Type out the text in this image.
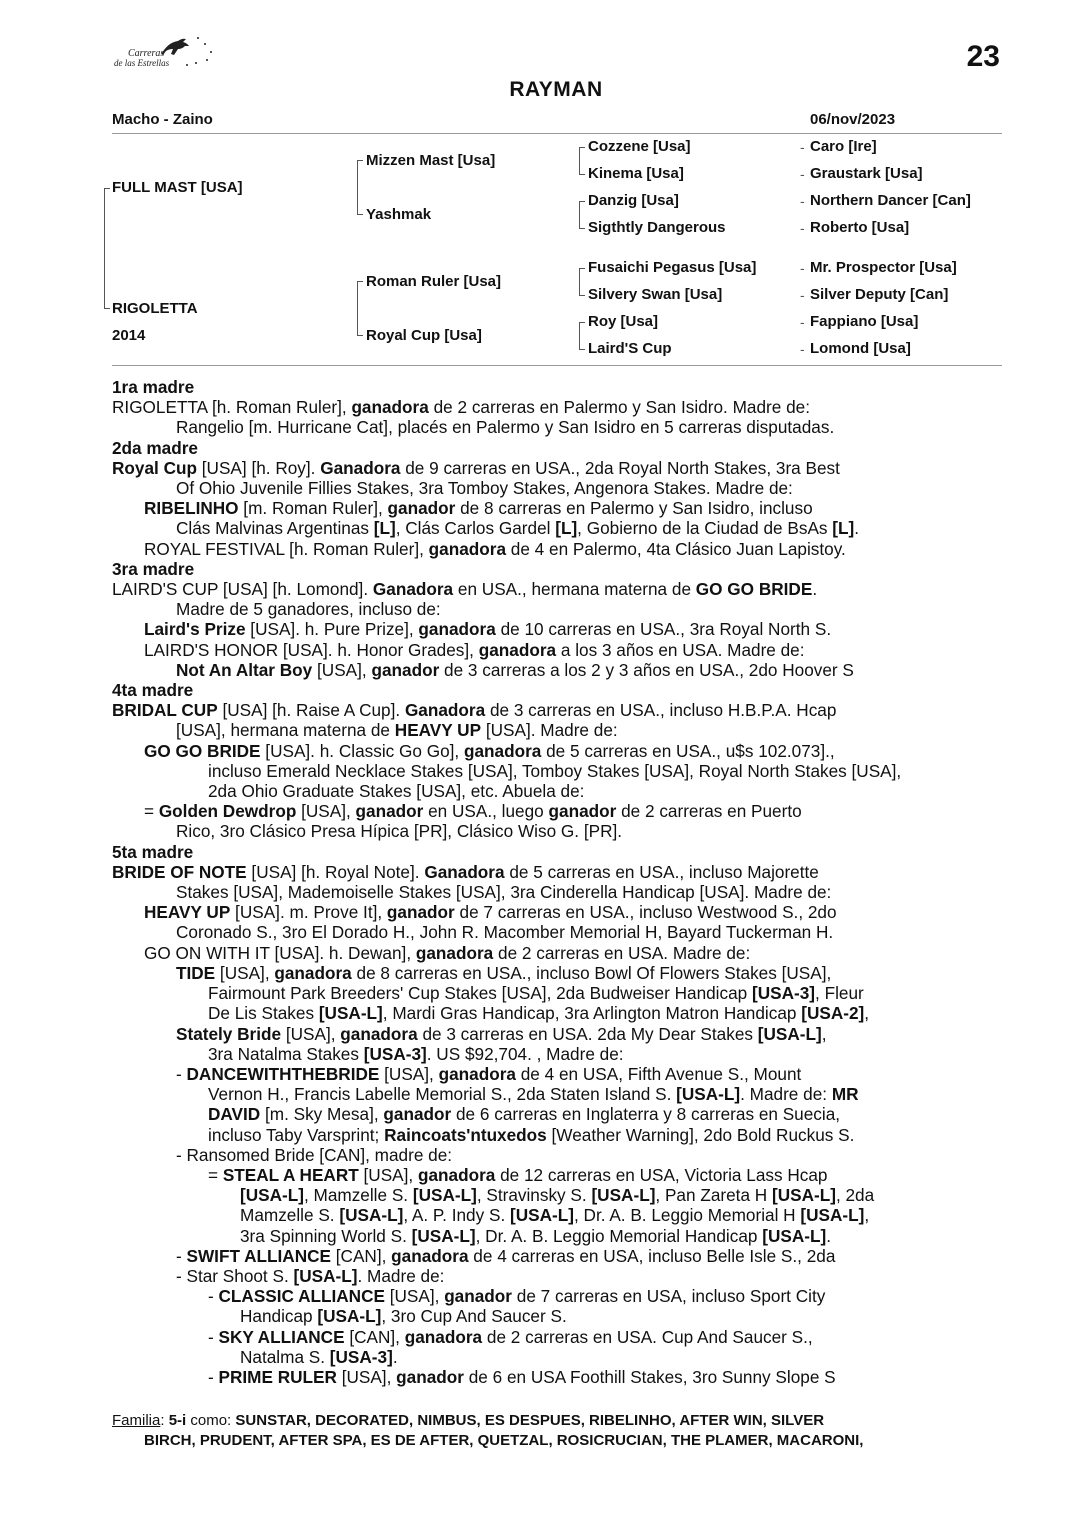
Carreras
de las Estrellas	23
RAYMAN
Macho - Zaino	06/nov/2023
FULL MAST [USA]
RIGOLETTA
2014
Mizzen Mast [Usa]
Yashmak
Roman Ruler [Usa]
Royal Cup [Usa]
Cozzene [Usa]
Kinema [Usa]
Danzig [Usa]
Sigthtly Dangerous
Fusaichi Pegasus [Usa]
Silvery Swan [Usa]
Roy [Usa]
Laird'S Cup
Caro [Ire]
Graustark [Usa]
Northern Dancer [Can]
Roberto [Usa]
Mr. Prospector [Usa]
Silver Deputy [Can]
Fappiano [Usa]
Lomond [Usa]
-
-
-
-
-
-
-
-
1ra madre
RIGOLETTA [h. Roman Ruler], ganadora de 2 carreras en Palermo y San Isidro. Madre de:
Rangelio [m. Hurricane Cat], placés en Palermo y San Isidro en 5 carreras disputadas.
2da madre
Royal Cup [USA] [h. Roy]. Ganadora de 9 carreras en USA., 2da Royal North Stakes, 3ra Best
Of Ohio Juvenile Fillies Stakes, 3ra Tomboy Stakes, Angenora Stakes. Madre de:
RIBELINHO [m. Roman Ruler], ganador de 8 carreras en Palermo y San Isidro, incluso
Clás Malvinas Argentinas [L], Clás Carlos Gardel [L], Gobierno de la Ciudad de BsAs [L].
ROYAL FESTIVAL [h. Roman Ruler], ganadora de 4 en Palermo, 4ta Clásico Juan Lapistoy.
3ra madre
LAIRD'S CUP [USA] [h. Lomond]. Ganadora en USA., hermana materna de GO GO BRIDE.
Madre de 5 ganadores, incluso de:
Laird's Prize [USA]. h. Pure Prize], ganadora de 10 carreras en USA., 3ra Royal North S.
LAIRD'S HONOR [USA]. h. Honor Grades], ganadora a los 3 años en USA. Madre de:
Not An Altar Boy [USA], ganador de 3 carreras a los 2 y 3 años en USA., 2do Hoover S
4ta madre
BRIDAL CUP [USA] [h. Raise A Cup]. Ganadora de 3 carreras en USA., incluso H.B.P.A. Hcap
[USA], hermana materna de HEAVY UP [USA]. Madre de:
GO GO BRIDE [USA]. h. Classic Go Go], ganadora de 5 carreras en USA., u$s 102.073].,
incluso Emerald Necklace Stakes [USA], Tomboy Stakes [USA], Royal North Stakes [USA],
2da Ohio Graduate Stakes [USA], etc. Abuela de:
= Golden Dewdrop [USA], ganador en USA., luego ganador de 2 carreras en Puerto
Rico, 3ro Clásico Presa Hípica [PR], Clásico Wiso G. [PR].
5ta madre
BRIDE OF NOTE [USA] [h. Royal Note]. Ganadora de 5 carreras en USA., incluso Majorette
Stakes [USA], Mademoiselle Stakes [USA], 3ra Cinderella Handicap [USA]. Madre de:
HEAVY UP [USA]. m. Prove It], ganador de 7 carreras en USA., incluso Westwood S., 2do
Coronado S., 3ro El Dorado H., John R. Macomber Memorial H, Bayard Tuckerman H.
GO ON WITH IT [USA]. h. Dewan], ganadora de 2 carreras en USA. Madre de:
TIDE [USA], ganadora de 8 carreras en USA., incluso Bowl Of Flowers Stakes [USA],
Fairmount Park Breeders' Cup Stakes [USA], 2da Budweiser Handicap [USA-3], Fleur
De Lis Stakes [USA-L], Mardi Gras Handicap, 3ra Arlington Matron Handicap [USA-2],
Stately Bride [USA], ganadora de 3 carreras en USA. 2da My Dear Stakes [USA-L],
3ra Natalma Stakes [USA-3]. US $92,704. , Madre de:
- DANCEWITHTHEBRIDE [USA], ganadora de 4 en USA, Fifth Avenue S., Mount
Vernon H., Francis Labelle Memorial S., 2da Staten Island S. [USA-L]. Madre de: MR
DAVID [m. Sky Mesa], ganador de 6 carreras en Inglaterra y 8 carreras en Suecia,
incluso Taby Varsprint; Raincoats'ntuxedos [Weather Warning], 2do Bold Ruckus S.
- Ransomed Bride [CAN], madre de:
= STEAL A HEART [USA], ganadora de 12 carreras en USA, Victoria Lass Hcap
[USA-L], Mamzelle S. [USA-L], Stravinsky S. [USA-L], Pan Zareta H [USA-L], 2da
Mamzelle S. [USA-L], A. P. Indy S. [USA-L], Dr. A. B. Leggio Memorial H [USA-L],
3ra Spinning World S. [USA-L], Dr. A. B. Leggio Memorial Handicap [USA-L].
- SWIFT ALLIANCE [CAN], ganadora de 4 carreras en USA, incluso Belle Isle S., 2da
- Star Shoot S. [USA-L]. Madre de:
- CLASSIC ALLIANCE [USA], ganador de 7 carreras en USA, incluso Sport City
Handicap [USA-L], 3ro Cup And Saucer S.
- SKY ALLIANCE [CAN], ganadora de 2 carreras en USA. Cup And Saucer S.,
Natalma S. [USA-3].
- PRIME RULER [USA], ganador de 6 en USA Foothill Stakes, 3ro Sunny Slope S
Familia: 5-i como: SUNSTAR, DECORATED, NIMBUS, ES DESPUES, RIBELINHO, AFTER WIN, SILVER
BIRCH, PRUDENT, AFTER SPA, ES DE AFTER, QUETZAL, ROSICRUCIAN, THE PLAMER, MACARONI,
